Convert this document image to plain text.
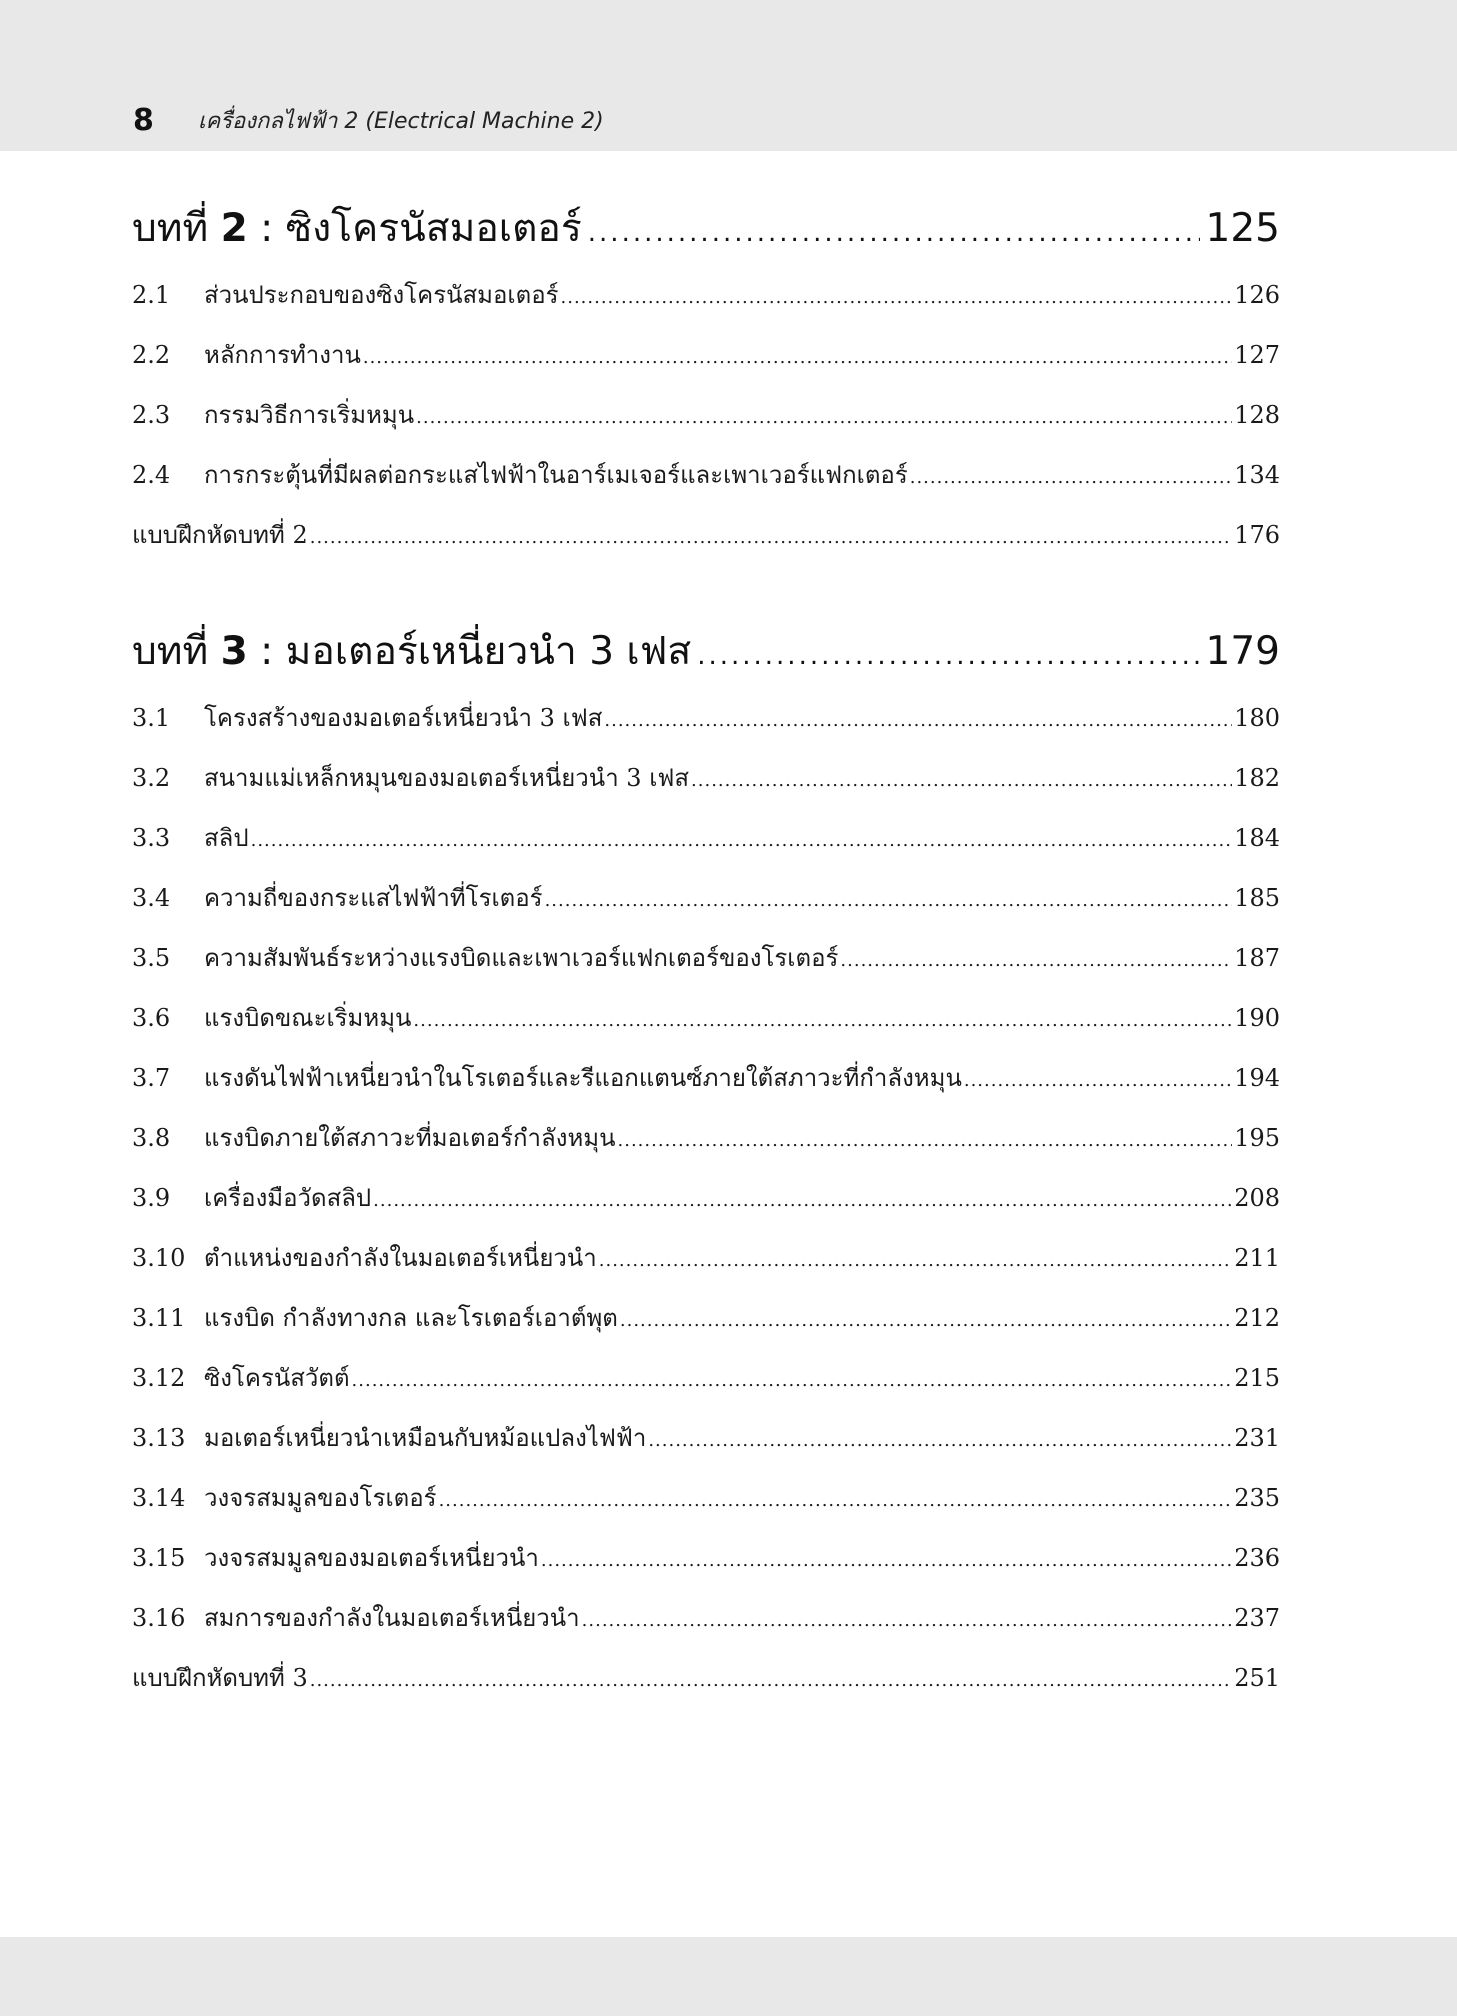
8 เครื่องกลไฟฟ้า 2 (Electrical Machine 2)
บทที่ 2 : ซิงโครนัสมอเตอร์ .....	125
2.1	ส่วนประกอบของซิงโครนัสมอเตอร์ .....	126
2.2	หลักการทำงาน .....	127
2.3	กรรมวิธีการเริ่มหมุน .....	128
2.4	การกระตุ้นที่มีผลต่อกระแสไฟฟ้าในอาร์เมเจอร์และเพาเวอร์แฟกเตอร์ .....	134
แบบฝึกหัดบทที่ 2 .....	176
บทที่ 3 : มอเตอร์เหนี่ยวนำ 3 เฟส .....	179
3.1	โครงสร้างของมอเตอร์เหนี่ยวนำ 3 เฟส .....	180
3.2	สนามแม่เหล็กหมุนของมอเตอร์เหนี่ยวนำ 3 เฟส .....	182
3.3	สลิป .....	184
3.4	ความถี่ของกระแสไฟฟ้าที่โรเตอร์ .....	185
3.5	ความสัมพันธ์ระหว่างแรงบิดและเพาเวอร์แฟกเตอร์ของโรเตอร์ .....	187
3.6	แรงบิดขณะเริ่มหมุน .....	190
3.7	แรงดันไฟฟ้าเหนี่ยวนำในโรเตอร์และรีแอกแตนซ์ภายใต้สภาวะที่กำลังหมุน .....	194
3.8	แรงบิดภายใต้สภาวะที่มอเตอร์กำลังหมุน .....	195
3.9	เครื่องมือวัดสลิป .....	208
3.10 ตำแหน่งของกำลังในมอเตอร์เหนี่ยวนำ .....	211
3.11 แรงบิด กำลังทางกล และโรเตอร์เอาต์พุต .....	212
3.12 ซิงโครนัสวัตต์ .....	215
3.13 มอเตอร์เหนี่ยวนำเหมือนกับหม้อแปลงไฟฟ้า .....	231
3.14 วงจรสมมูลของโรเตอร์ .....	235
3.15 วงจรสมมูลของมอเตอร์เหนี่ยวนำ .....	236
3.16 สมการของกำลังในมอเตอร์เหนี่ยวนำ .....	237
แบบฝึกหัดบทที่ 3 .....	251
